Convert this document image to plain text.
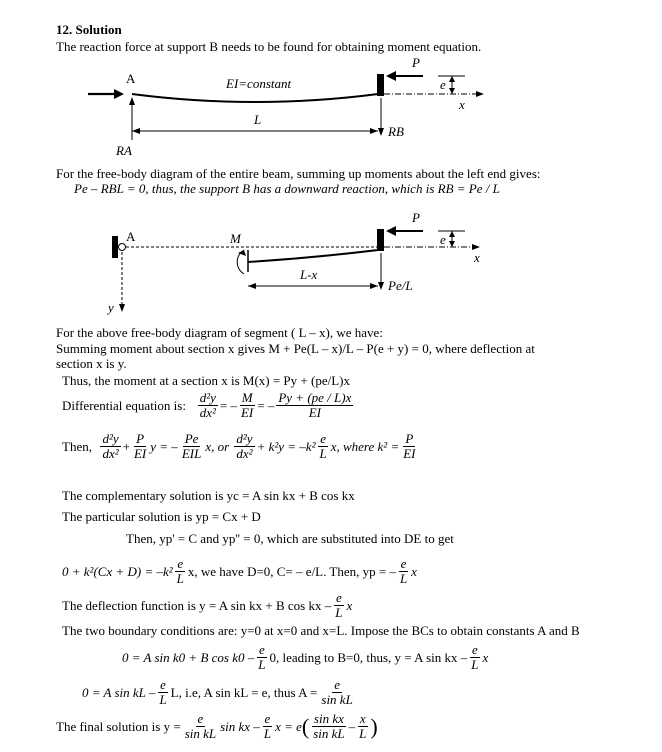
12. Solution
The reaction force at support B needs to be found for obtaining moment equation.
A	EI=constant
RA
P
x
e
RB
L
For the free-body diagram of the entire beam, summing up moments about the left end gives:
Pe – RBL = 0, thus, the support B has a downward reaction, which is RB = Pe / L
A
x
y
M
P
e
Pe/L
L-x
For the above free-body diagram of segment ( L – x), we have:
Summing moment about section x gives M + Pe(L – x)/L – P(e + y) = 0, where deflection at
section x is y.
Thus, the moment at a section x is M(x) = Py + (pe/L)x
Differential equation is:
$\frac{\text{d²y}}{\text{dx²}}$ = – $\frac{M}{EI}$ = – $\frac{Py + (pe / L)x}{EI}$
Then,
$\frac{\text{d²y}}{\text{dx²}} + \frac{P}{EI}$ y = – $\frac{Pe}{\text{EIL}} x$, or
$\frac{\text{d²y}}{\text{dx²}} + k^2y = -k^2 \frac{e}{L} x$, where $k^2 = \frac{P}{EI}$
The complementary solution is yc = A sin kx + B cos kx
The particular solution is yp = Cx + D
Then, yp' = C and yp'' = 0, which are substituted into DE to get
$0 + k^2(Cx + D) = -k^2 \frac{e}{L} x$, we have D=0, C= – e/L. Then, yp = – $\frac{e}{L}$ x
The deflection function is y = A sin kx + B cos kx – $\frac{e}{L}$ x
The two boundary conditions are: y=0 at x=0 and x=L. Impose the BCs to obtain constants A and B
0 = A sin k0 + B $\cos k0 - \frac{e}{L} 0$, leading to B=0, thus, y = A sin kx – $\frac{e}{L}$ x
0 = A sin kL – $\frac{e}{L} L$, i.e, A sin kL = e, thus $A = \frac{e}{\text{sin kL}}$
The final solution is $y = \frac{e}{\text{sin kL}}$ sin kx – $\frac{e}{L}$ x = e ( $\frac{\text{sin kx}}{\text{sin kL}} - \frac{x}{L}$ )
